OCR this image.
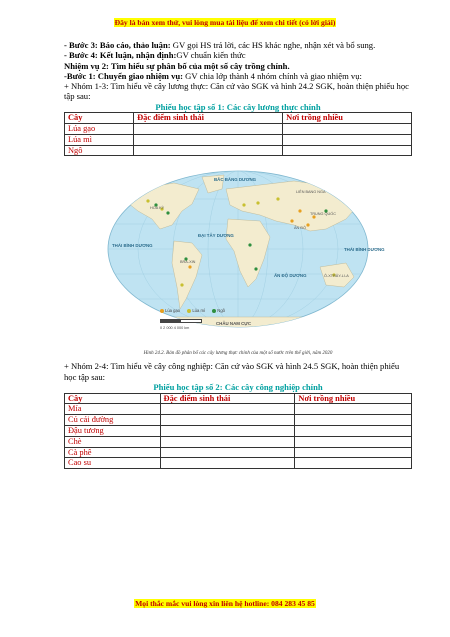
Đây là bản xem thử, vui lòng mua tài liệu để xem chi tiết (có lời giải)

- Bước 3: Báo cáo, thảo luận: GV gọi HS trả lời, các HS khác nghe, nhận xét và bổ sung.

- Bước 4: Kết luận, nhận định:GV chuẩn kiến thức

Nhiệm vụ 2: Tìm hiểu sự phân bố của một số cây trồng chính.

-Bước 1: Chuyển giao nhiệm vụ: GV chia lớp thành 4 nhóm chính và giao nhiệm vụ:

+ Nhóm 1-3: Tìm hiểu về cây lương thực: Căn cứ vào SGK và hình 24.2 SGK, hoàn thiện phiếu học tập sau:

Phiếu học tập số 1: Các cây lương thực chính
Cây	Đặc điểm sinh thái	Nơi trồng nhiều
Lúa gạo		
Lúa mì		
Ngô		
BẮC BĂNG DƯƠNG
THÁI BÌNH DƯƠNG
ĐẠI TÂY DƯƠNG
ẤN ĐỘ DƯƠNG
THÁI BÌNH DƯƠNG
CHÂU NAM CỰC
LIÊN BANG NGA
HOA KỲ
TRUNG QUỐC
ẤN ĐỘ
BRA-XIN
Ô-XTRÂY-LI-A
Lúa gạo	Lúa mì	Ngô
0 2 000 4 000 km
Hình 24.2. Bản đồ phân bố các cây lương thực chính của một số nước trên thế giới, năm 2020

+ Nhóm 2-4: Tìm hiểu về cây công nghiệp: Căn cứ vào SGK và hình 24.5 SGK, hoàn thiện phiếu học tập sau:

Phiếu học tập số 2: Các cây công nghiệp chính
Cây	Đặc điểm sinh thái	Nơi trồng nhiều
Mía		
Củ cải đường		
Đậu tương		
Chè		
Cà phê		
Cao su		
Mọi thắc mắc vui lòng xin liên hệ hotline: 084 283 45 85
